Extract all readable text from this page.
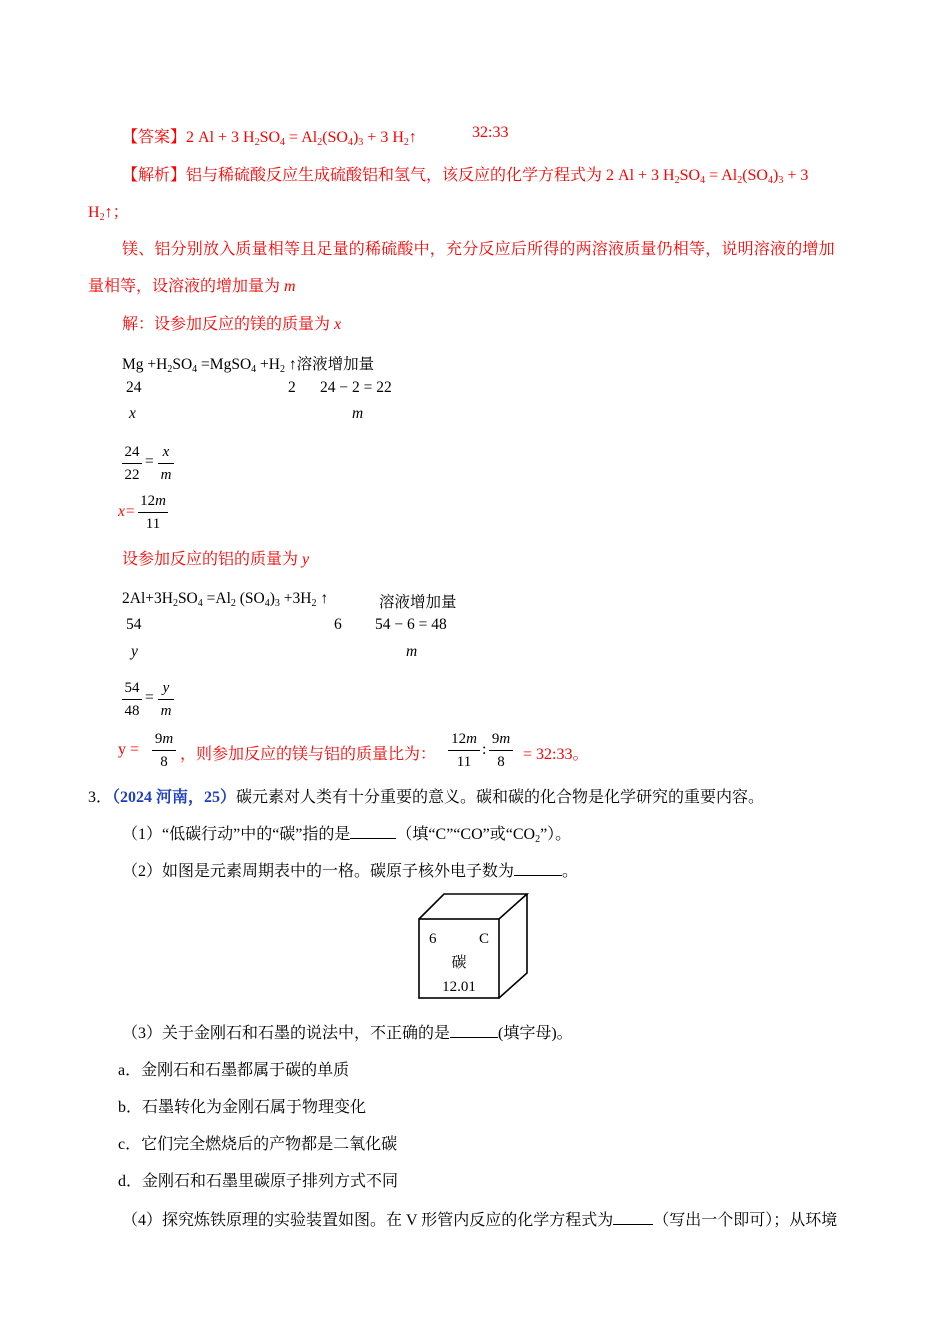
【答案】2 Al + 3 $H_2SO_4 = Al_2(SO_4)_3 + 3$ $H_2↑$	32:33
【解析】铝与稀硫酸反应生成硫酸铝和氢气，该反应的化学方程式为 2 Al + 3 $H_2SO_4 = Al_2(SO_4)_3 + 3$
$H_2↑$；
镁、铝分别放入质量相等且足量的稀硫酸中，充分反应后所得的两溶液质量仍相等，说明溶液的增加
量相等，设溶液的增加量为 m
解：设参加反应的镁的质量为 x
$Mg +H_2SO_4$ =MgSO$_4$ $+H_2$ ↑溶液增加量
24	2 24 − 2 = 22
x	m
24
22
=
x
m
x=
12m
11
设参加反应的铝的质量为 y
$2Al+3H_2SO_4 =Al_2$ $(SO_4)_3 +3H_2$ ↑	溶液增加量
54	6 54 − 6 = 48
y	m
54
48
=
y
m
y =
9m
8 ，则参加反应的镁与铝的质量比为：
12m
11
:
9m
8	= 32:33。
3．（2024 河南，25）碳元素对人类有十分重要的意义。碳和碳的化合物是化学研究的重要内容。
（1）“低碳行动”中的“碳”指的是	（填“C”“CO”或“$CO_2$”）。
（2）如图是元素周期表中的一格。碳原子核外电子数为	。
6	C
碳
12.01
（3）关于金刚石和石墨的说法中，不正确的是	(填字母)。
a．金刚石和石墨都属于碳的单质
b．石墨转化为金刚石属于物理变化
c．它们完全燃烧后的产物都是二氧化碳
d．金刚石和石墨里碳原子排列方式不同
（4）探究炼铁原理的实验装置如图。在 V 形管内反应的化学方程式为	（写出一个即可）；从环境
